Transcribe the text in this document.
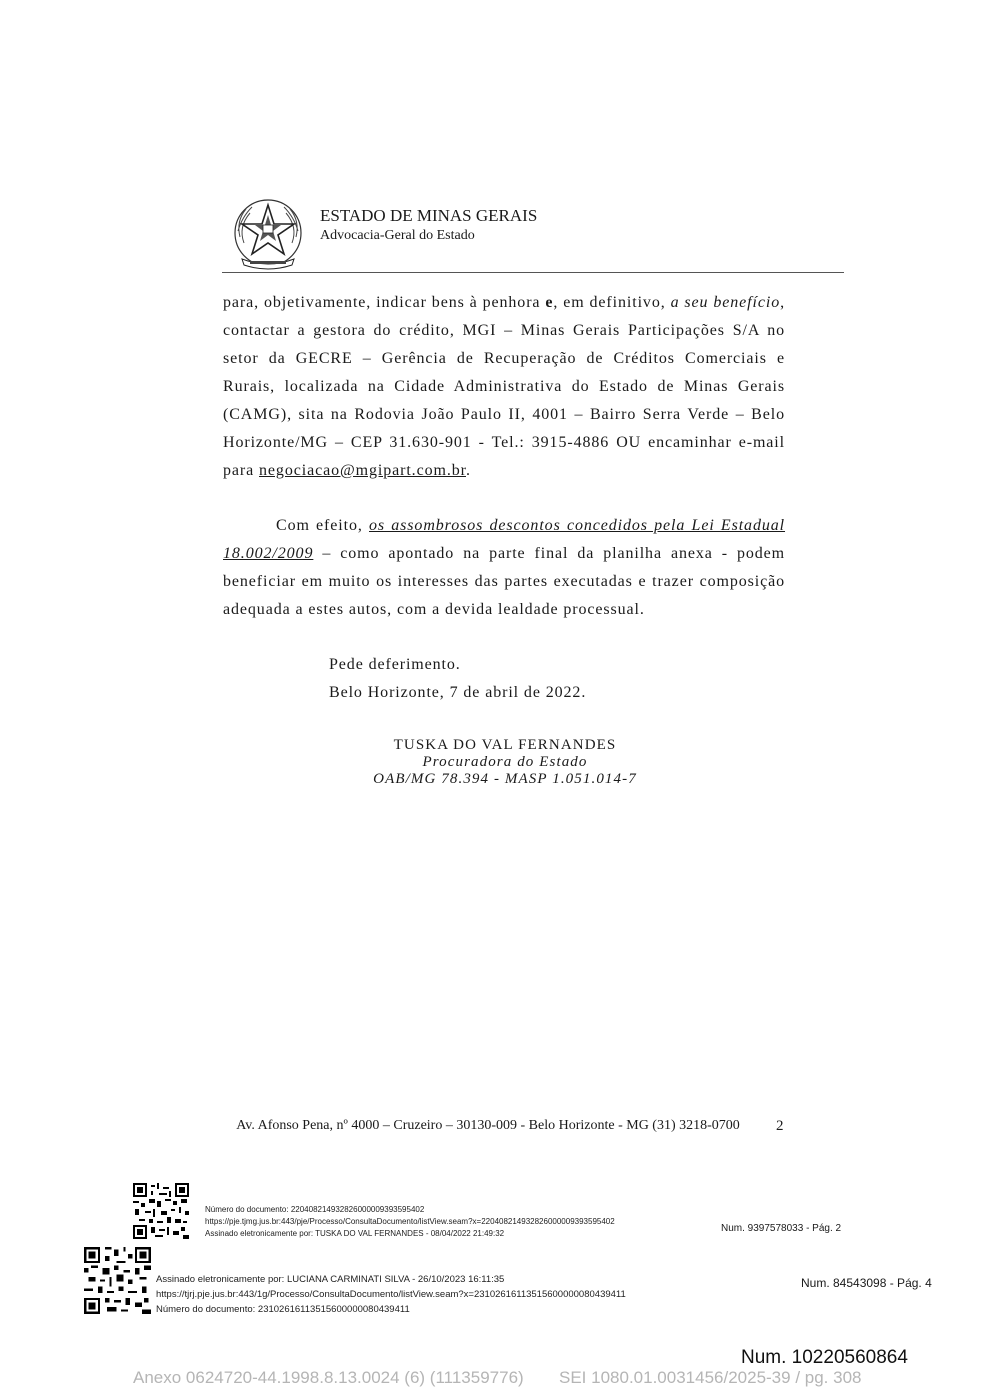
ESTADO DE MINAS GERAIS
Advocacia-Geral do Estado
para, objetivamente, indicar bens à penhora e, em definitivo, a seu benefício, contactar a gestora do crédito, MGI – Minas Gerais Participações S/A no setor da GECRE – Gerência de Recuperação de Créditos Comerciais e Rurais, localizada na Cidade Administrativa do Estado de Minas Gerais (CAMG), sita na Rodovia João Paulo II, 4001 – Bairro Serra Verde – Belo Horizonte/MG – CEP 31.630-901 - Tel.: 3915-4886 OU encaminhar e-mail para negociacao@mgipart.com.br.
Com efeito, os assombrosos descontos concedidos pela Lei Estadual 18.002/2009 – como apontado na parte final da planilha anexa - podem beneficiar em muito os interesses das partes executadas e trazer composição adequada a estes autos, com a devida lealdade processual.
Pede deferimento.
Belo Horizonte, 7 de abril de 2022.
TUSKA DO VAL FERNANDES
Procuradora do Estado
OAB/MG 78.394 - MASP 1.051.014-7
Av. Afonso Pena, nº 4000 – Cruzeiro – 30130-009 - Belo Horizonte - MG (31) 3218-0700	2
Número do documento: 22040821493282600000939359540​2
https://pje.tjmg.jus.br:443/pje/Processo/ConsultaDocumento/listView.seam?x=22040821493282600000939359540​2
Assinado eletronicamente por: TUSKA DO VAL FERNANDES - 08/04/2022 21:49:32	Num. 9397578033 - Pág. 2
Assinado eletronicamente por: LUCIANA CARMINATI SILVA - 26/10/2023 16:11:35
https://tjrj.pje.jus.br:443/1g/Processo/ConsultaDocumento/listView.seam?x=23102616113515600000080439411
Número do documento: 23102616113515600000080439411
Num. 84543098 - Pág. 4
Num. 10220560864
Anexo 0624720-44.1998.8.13.0024 (6) (111359776) SEI 1080.01.0031456/2025-39 / pg. 308
